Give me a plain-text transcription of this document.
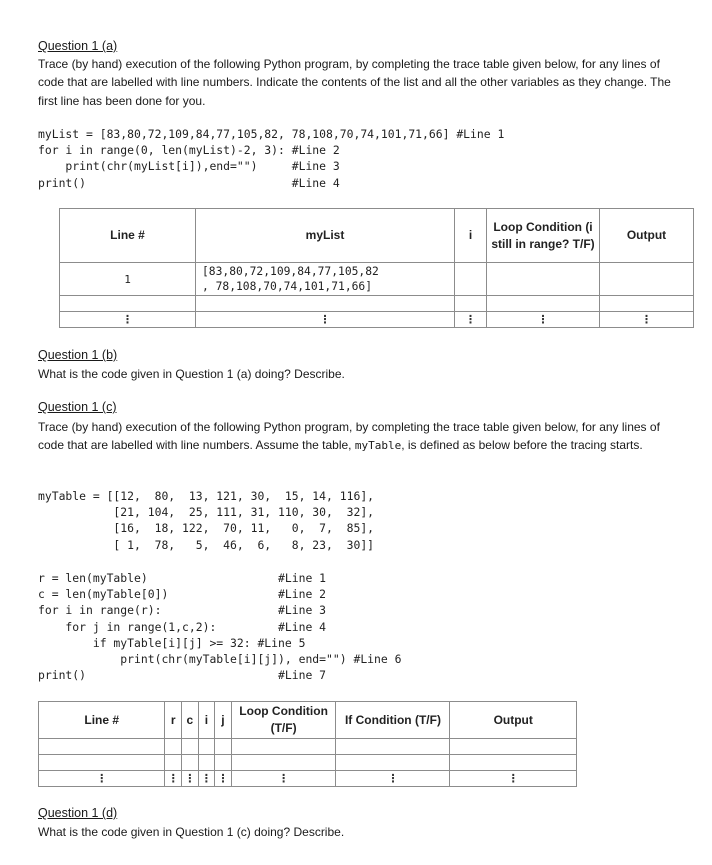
Question 1 (a)
Trace (by hand) execution of the following Python program, by completing the trace table given below, for any lines of code that are labelled with line numbers. Indicate the contents of the list and all the other variables as they change. The first line has been done for you.
myList = [83,80,72,109,84,77,105,82, 78,108,70,74,101,71,66] #Line 1
for i in range(0, len(myList)-2, 3): #Line 2
print(chr(myList[i]),end="")     #Line 3
print()                              #Line 4
Line #	myList	i	Loop Condition (i still in range? T/F)	Output
1	[83,80,72,109,84,77,105,82
, 78,108,70,74,101,71,66]			

⋮	⋮	⋮	⋮	⋮
Question 1 (b)
What is the code given in Question 1 (a) doing? Describe.
Question 1 (c)
Trace (by hand) execution of the following Python program, by completing the trace table given below, for any lines of code that are labelled with line numbers. Assume the table, myTable, is defined as below before the tracing starts.
myTable = [[12,  80,  13, 121, 30,  15, 14, 116],
[21, 104,  25, 111, 31, 110, 30,  32],
[16,  18, 122,  70, 11,   0,  7,  85],
[ 1,  78,   5,  46,  6,   8, 23,  30]]
r = len(myTable)                   #Line 1
c = len(myTable[0])                #Line 2
for i in range(r):                 #Line 3
for j in range(1,c,2):         #Line 4
if myTable[i][j] >= 32: #Line 5
print(chr(myTable[i][j]), end="") #Line 6
print()                            #Line 7
Line #	r	c	i	j	Loop Condition (T/F)	If Condition (T/F)	Output

⋮	⋮	⋮	⋮	⋮	⋮	⋮	⋮
Question 1 (d)
What is the code given in Question 1 (c) doing? Describe.
